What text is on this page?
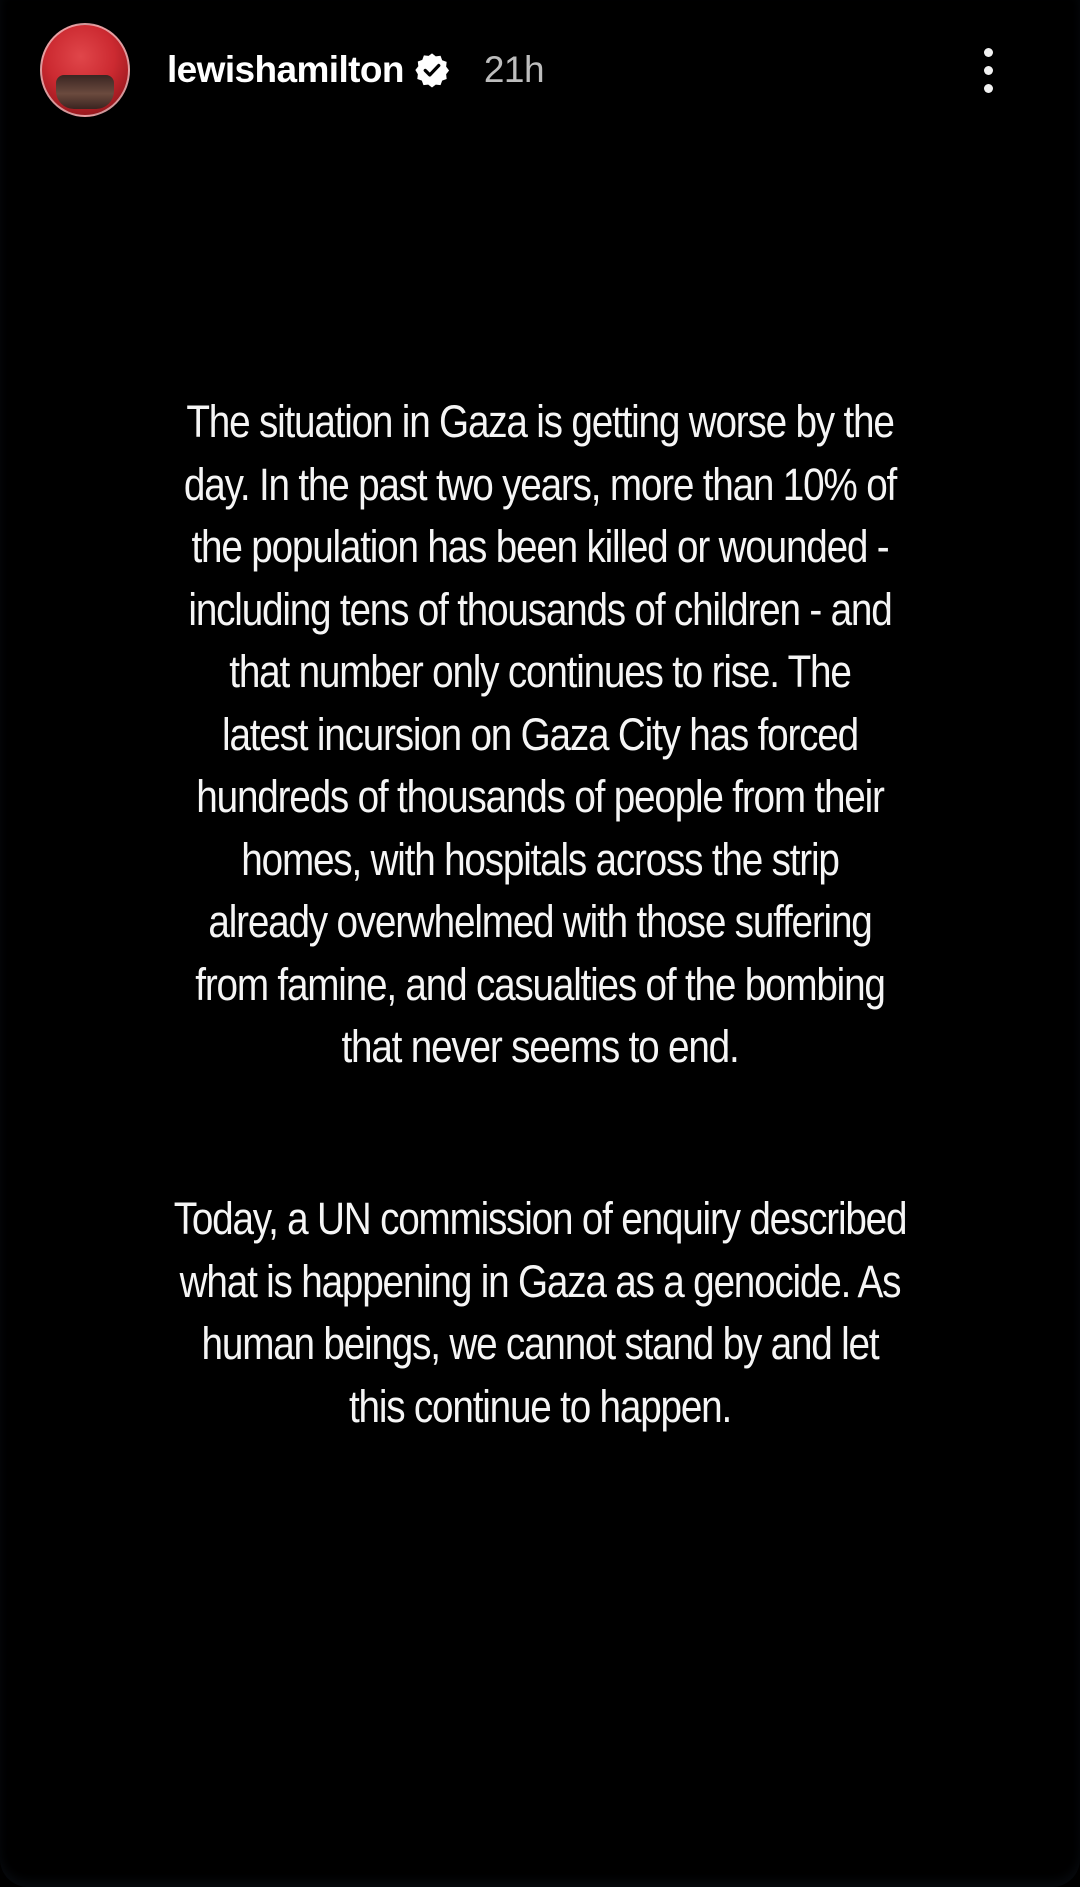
lewishamilton 21h
The situation in Gaza is getting worse by the
day. In the past two years, more than 10% of
the population has been killed or wounded -
including tens of thousands of children - and
that number only continues to rise. The
latest incursion on Gaza City has forced
hundreds of thousands of people from their
homes, with hospitals across the strip
already overwhelmed with those suffering
from famine, and casualties of the bombing
that never seems to end.
Today, a UN commission of enquiry described
what is happening in Gaza as a genocide. As
human beings, we cannot stand by and let
this continue to happen.
